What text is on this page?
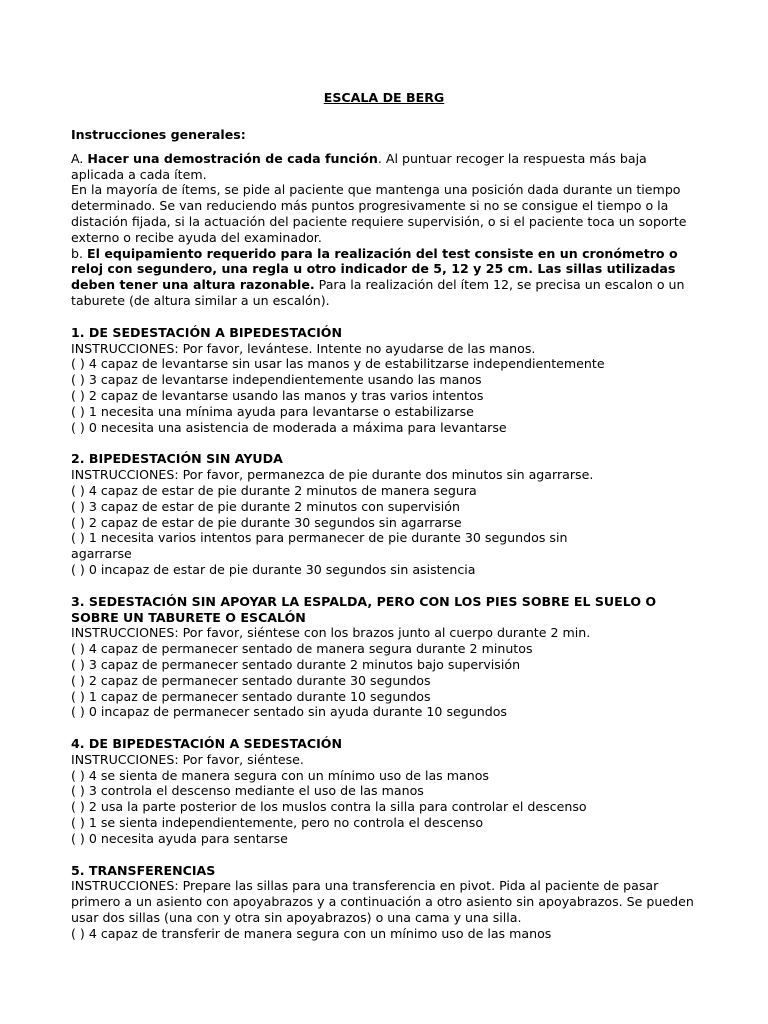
ESCALA DE BERG
Instrucciones generales:
A. Hacer una demostración de cada función. Al puntuar recoger la respuesta más baja aplicada a cada ítem.
En la mayoría de ítems, se pide al paciente que mantenga una posición dada durante un tiempo determinado. Se van reduciendo más puntos progresivamente si no se consigue el tiempo o la distación fijada, si la actuación del paciente requiere supervisión, o si el paciente toca un soporte externo o recibe ayuda del examinador.
b. El equipamiento requerido para la realización del test consiste en un cronómetro o reloj con segundero, una regla u otro indicador de 5, 12 y 25 cm. Las sillas utilizadas deben tener una altura razonable. Para la realización del ítem 12, se precisa un escalon o un taburete (de altura similar a un escalón).
1. DE SEDESTACIÓN A BIPEDESTACIÓN
INSTRUCCIONES: Por favor, levántese. Intente no ayudarse de las manos.
( ) 4 capaz de levantarse sin usar las manos y de estabilitzarse independientemente
( ) 3 capaz de levantarse independientemente usando las manos
( ) 2 capaz de levantarse usando las manos y tras varios intentos
( ) 1 necesita una mínima ayuda para levantarse o estabilizarse
( ) 0 necesita una asistencia de moderada a máxima para levantarse
2. BIPEDESTACIÓN SIN AYUDA
INSTRUCCIONES: Por favor, permanezca de pie durante dos minutos sin agarrarse.
( ) 4 capaz de estar de pie durante 2 minutos de manera segura
( ) 3 capaz de estar de pie durante 2 minutos con supervisión
( ) 2 capaz de estar de pie durante 30 segundos sin agarrarse
( ) 1 necesita varios intentos para permanecer de pie durante 30 segundos sin agarrarse
( ) 0 incapaz de estar de pie durante 30 segundos sin asistencia
3. SEDESTACIÓN SIN APOYAR LA ESPALDA, PERO CON LOS PIES SOBRE EL SUELO O SOBRE UN TABURETE O ESCALÓN
INSTRUCCIONES: Por favor, siéntese con los brazos junto al cuerpo durante 2 min.
( ) 4 capaz de permanecer sentado de manera segura durante 2 minutos
( ) 3 capaz de permanecer sentado durante 2 minutos bajo supervisión
( ) 2 capaz de permanecer sentado durante 30 segundos
( ) 1 capaz de permanecer sentado durante 10 segundos
( ) 0 incapaz de permanecer sentado sin ayuda durante 10 segundos
4. DE BIPEDESTACIÓN A SEDESTACIÓN
INSTRUCCIONES: Por favor, siéntese.
( ) 4 se sienta de manera segura con un mínimo uso de las manos
( ) 3 controla el descenso mediante el uso de las manos
( ) 2 usa la parte posterior de los muslos contra la silla para controlar el descenso
( ) 1 se sienta independientemente, pero no controla el descenso
( ) 0 necesita ayuda para sentarse
5. TRANSFERENCIAS
INSTRUCCIONES: Prepare las sillas para una transferencia en pivot. Pida al paciente de pasar primero a un asiento con apoyabrazos y a continuación a otro asiento sin apoyabrazos. Se pueden usar dos sillas (una con y otra sin apoyabrazos) o una cama y una silla.
( ) 4 capaz de transferir de manera segura con un mínimo uso de las manos
